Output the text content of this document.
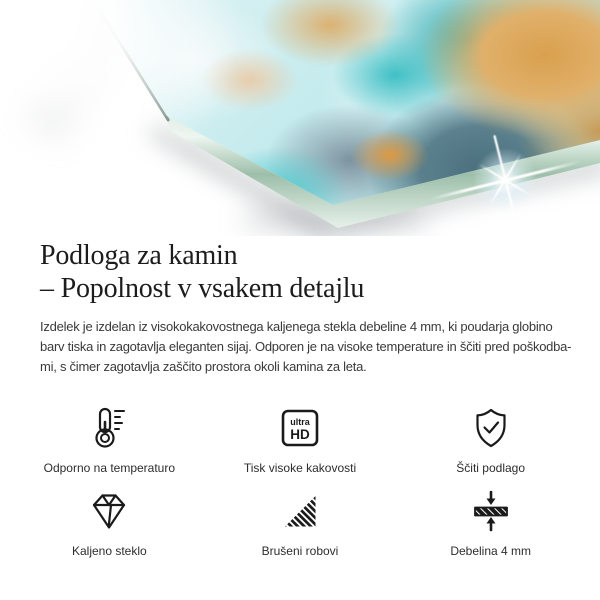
Podloga za kamin
– Popolnost v vsakem detajlu
Izdelek je izdelan iz visokokakovostnega kaljenega stekla debeline 4 mm, ki poudarja globino
barv tiska in zagotavlja eleganten sijaj. Odporen je na visoke temperature in ščiti pred poškodba-
mi, s čimer zagotavlja zaščito prostora okoli kamina za leta.
Odporno na temperaturo
ultra
HD
Tisk visoke kakovosti	Ščiti podlago
Kaljeno steklo	Brušeni robovi	Debelina 4 mm
